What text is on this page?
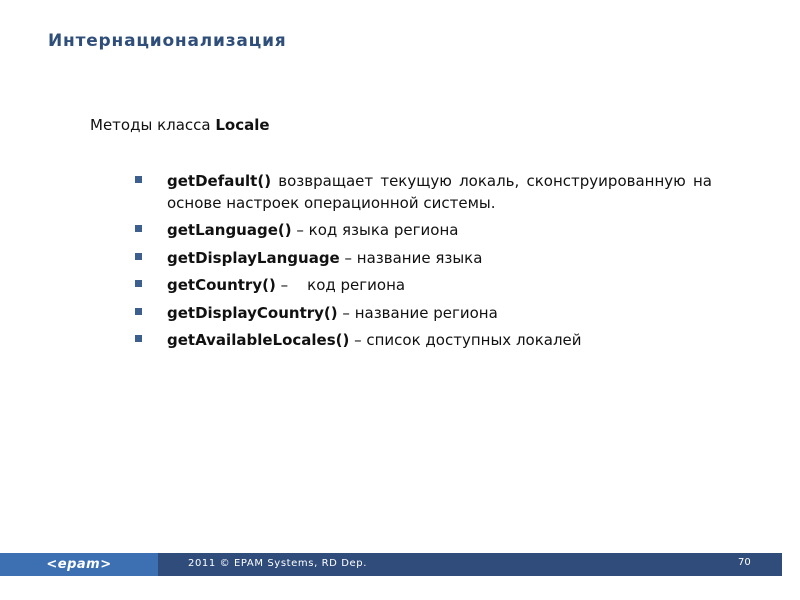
Интернационализация
Методы класса Locale
getDefault() возвращает текущую локаль, сконструированную на основе настроек операционной системы.
getLanguage() – код языка региона
getDisplayLanguage – название языка
getCountry() –    код региона
getDisplayCountry() – название региона
getAvailableLocales() – список доступных локалей
<epam>	2011 © EPAM Systems, RD Dep.	70
